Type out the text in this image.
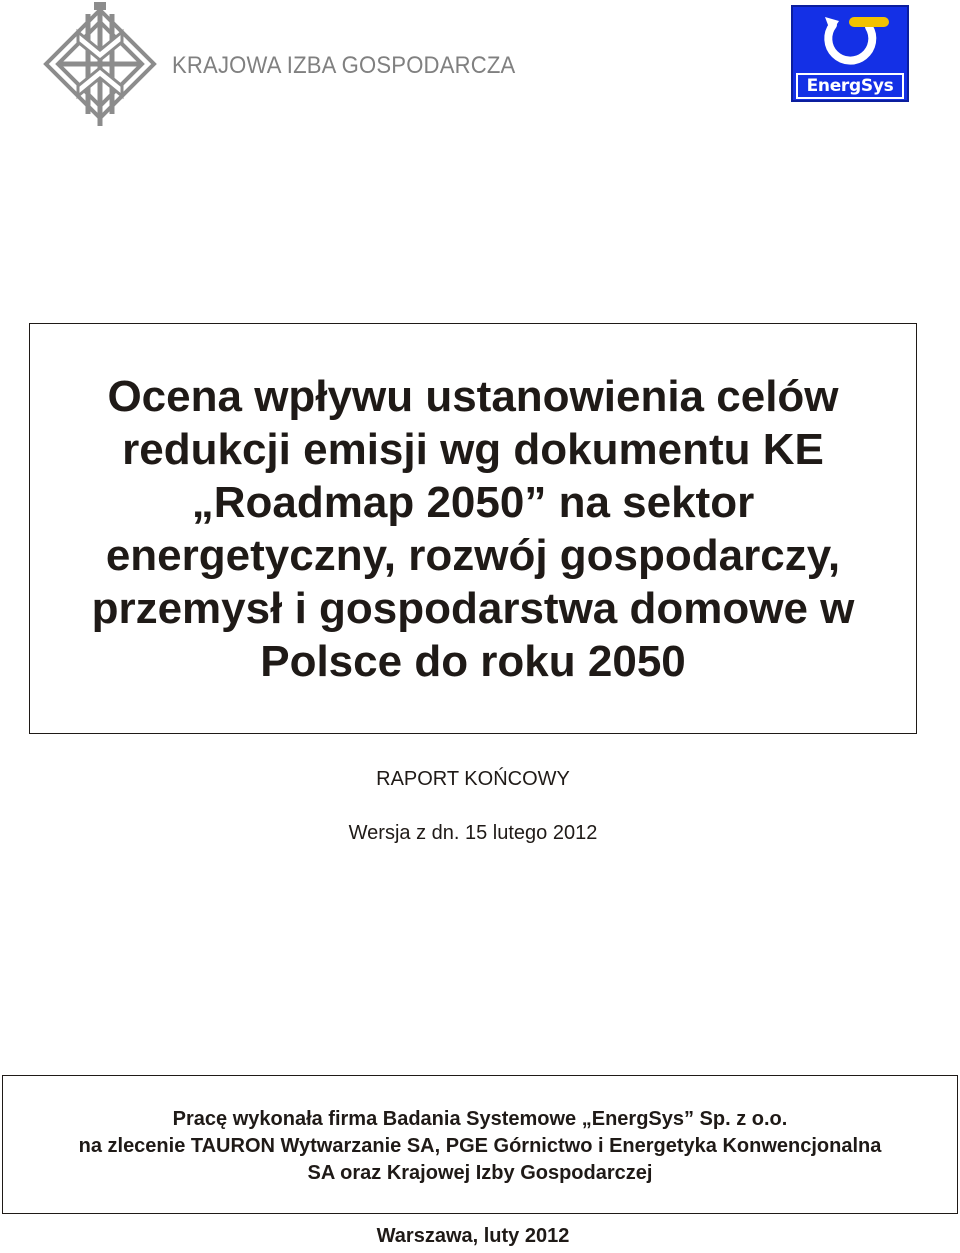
KRAJOWA IZBA GOSPODARCZA
EnergSys
Ocena wpływu ustanowienia celów
redukcji emisji wg dokumentu KE
„Roadmap 2050” na sektor
energetyczny, rozwój gospodarczy,
przemysł i gospodarstwa domowe w
Polsce do roku 2050
RAPORT KOŃCOWY
Wersja z dn. 15 lutego 2012
Pracę wykonała firma Badania Systemowe „EnergSys” Sp. z o.o.
na zlecenie TAURON Wytwarzanie SA, PGE Górnictwo i Energetyka Konwencjonalna
SA oraz Krajowej Izby Gospodarczej
Warszawa, luty 2012
